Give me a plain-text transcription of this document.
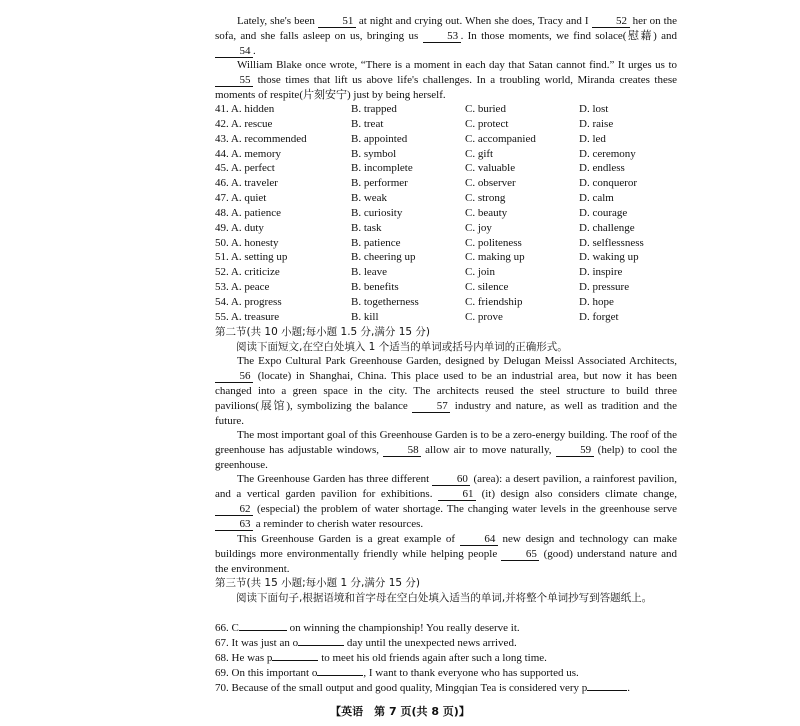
Lately, she's been	51 at night and crying out. When she does, Tracy and I	52 her on the sofa, and she falls asleep on us, bringing us	53 . In those moments, we find solace(慰藉) and 54 .

William Blake once wrote, “There is a moment in each day that Satan cannot find.” It urges us to 55 those times that lift us above life's challenges. In a troubling world, Miranda creates these moments of respite(片刻安宁) just by being herself.

41. A. hidden	B. trapped	C. buried	D. lost
42. A. rescue	B. treat	C. protect	D. raise
43. A. recommended	B. appointed	C. accompanied	D. led
44. A. memory	B. symbol	C. gift	D. ceremony
45. A. perfect	B. incomplete	C. valuable	D. endless
46. A. traveler	B. performer	C. observer	D. conqueror
47. A. quiet	B. weak	C. strong	D. calm
48. A. patience	B. curiosity	C. beauty	D. courage
49. A. duty	B. task	C. joy	D. challenge
50. A. honesty	B. patience	C. politeness	D. selflessness
51. A. setting up	B. cheering up	C. making up	D. waking up
52. A. criticize	B. leave	C. join	D. inspire
53. A. peace	B. benefits	C. silence	D. pressure
54. A. progress	B. togetherness	C. friendship	D. hope
55. A. treasure	B. kill	C. prove	D. forget

第二节(共 10 小题;每小题 1.5 分,满分 15 分)

阅读下面短文,在空白处填入 1 个适当的单词或括号内单词的正确形式。

The Expo Cultural Park Greenhouse Garden, designed by Delugan Meissl Associated Architects, 56 (locate) in Shanghai, China. This place used to be an industrial area, but now it has been changed into a green space in the city. The architects reused the steel structure to build three pavilions(展馆), symbolizing the balance	57 industry and nature, as well as tradition and the future.

The most important goal of this Greenhouse Garden is to be a zero-energy building. The roof of the greenhouse has adjustable windows,	58 allow air to move naturally,	59 (help) to cool the greenhouse.

The Greenhouse Garden has three different	60 (area): a desert pavilion, a rainforest pavilion, and a vertical garden pavilion for exhibitions.	61 (it) design also considers climate change, 62 (especial) the problem of water shortage. The changing water levels in the greenhouse serve 63 a reminder to cherish water resources.

This Greenhouse Garden is a great example of	64 new design and technology can make buildings more environmentally friendly while helping people	65 (good) understand nature and the environment.

第三节(共 15 小题;每小题 1 分,满分 15 分)

阅读下面句子,根据语境和首字母在空白处填入适当的单词,并将整个单词抄写到答题纸上。

66. C	on winning the championship! You really deserve it.

67. It was just an o	day until the unexpected news arrived.

68. He was p	to meet his old friends again after such a long time.

69. On this important o	, I want to thank everyone who has supported us.

70. Because of the small output and good quality, Mingqian Tea is considered very p	.

【英语　第 7 页(共 8 页)】
